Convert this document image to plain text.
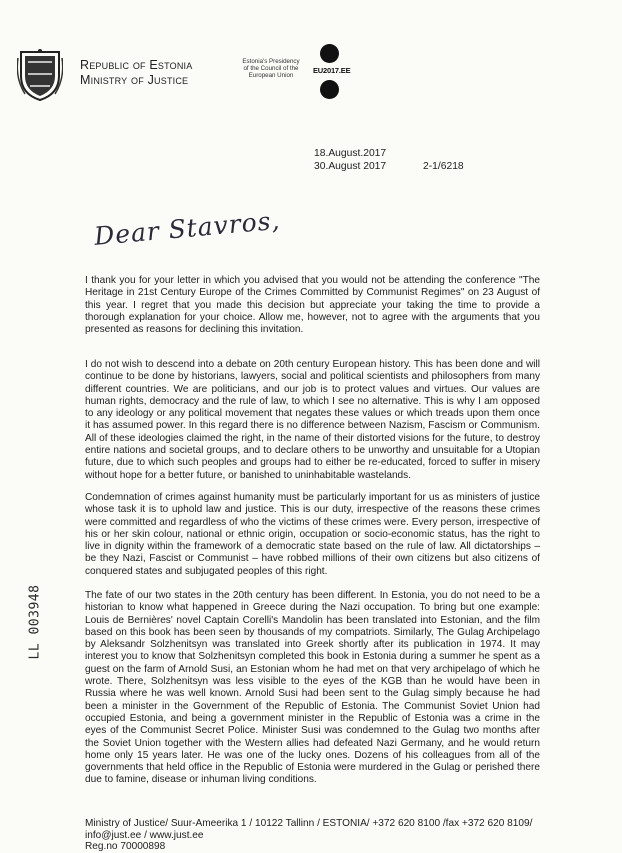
Republic of Estonia
Ministry of Justice
Estonia's Presidency
of the Council of the
European Union
EU2017.EE
18.August.2017
30.August 2017	2-1/6218
Dear Stavros,
I thank you for your letter in which you advised that you would not be attending the conference "The Heritage in 21st Century Europe of the Crimes Committed by Communist Regimes" on 23 August of this year. I regret that you made this decision but appreciate your taking the time to provide a thorough explanation for your choice. Allow me, however, not to agree with the arguments that you presented as reasons for declining this invitation.
I do not wish to descend into a debate on 20th century European history. This has been done and will continue to be done by historians, lawyers, social and political scientists and philosophers from many different countries. We are politicians, and our job is to protect values and virtues. Our values are human rights, democracy and the rule of law, to which I see no alternative. This is why I am opposed to any ideology or any political movement that negates these values or which treads upon them once it has assumed power. In this regard there is no difference between Nazism, Fascism or Communism. All of these ideologies claimed the right, in the name of their distorted visions for the future, to destroy entire nations and societal groups, and to declare others to be unworthy and unsuitable for a Utopian future, due to which such peoples and groups had to either be re-educated, forced to suffer in misery without hope for a better future, or banished to uninhabitable wastelands.
Condemnation of crimes against humanity must be particularly important for us as ministers of justice whose task it is to uphold law and justice. This is our duty, irrespective of the reasons these crimes were committed and regardless of who the victims of these crimes were. Every person, irrespective of his or her skin colour, national or ethnic origin, occupation or socio-economic status, has the right to live in dignity within the framework of a democratic state based on the rule of law. All dictatorships – be they Nazi, Fascist or Communist – have robbed millions of their own citizens but also citizens of conquered states and subjugated peoples of this right.
The fate of our two states in the 20th century has been different. In Estonia, you do not need to be a historian to know what happened in Greece during the Nazi occupation. To bring but one example: Louis de Bernières' novel Captain Corelli's Mandolin has been translated into Estonian, and the film based on this book has been seen by thousands of my compatriots. Similarly, The Gulag Archipelago by Aleksandr Solzhenitsyn was translated into Greek shortly after its publication in 1974. It may interest you to know that Solzhenitsyn completed this book in Estonia during a summer he spent as a guest on the farm of Arnold Susi, an Estonian whom he had met on that very archipelago of which he wrote. There, Solzhenitsyn was less visible to the eyes of the KGB than he would have been in Russia where he was well known. Arnold Susi had been sent to the Gulag simply because he had been a minister in the Government of the Republic of Estonia. The Communist Soviet Union had occupied Estonia, and being a government minister in the Republic of Estonia was a crime in the eyes of the Communist Secret Police. Minister Susi was condemned to the Gulag two months after the Soviet Union together with the Western allies had defeated Nazi Germany, and he would return home only 15 years later. He was one of the lucky ones. Dozens of his colleagues from all of the governments that held office in the Republic of Estonia were murdered in the Gulag or perished there due to famine, disease or inhuman living conditions.
LL 003948
Ministry of Justice/ Suur-Ameerika 1 / 10122 Tallinn / ESTONIA/ +372 620 8100 /fax +372 620 8109/
info@just.ee / www.just.ee
Reg.no 70000898
